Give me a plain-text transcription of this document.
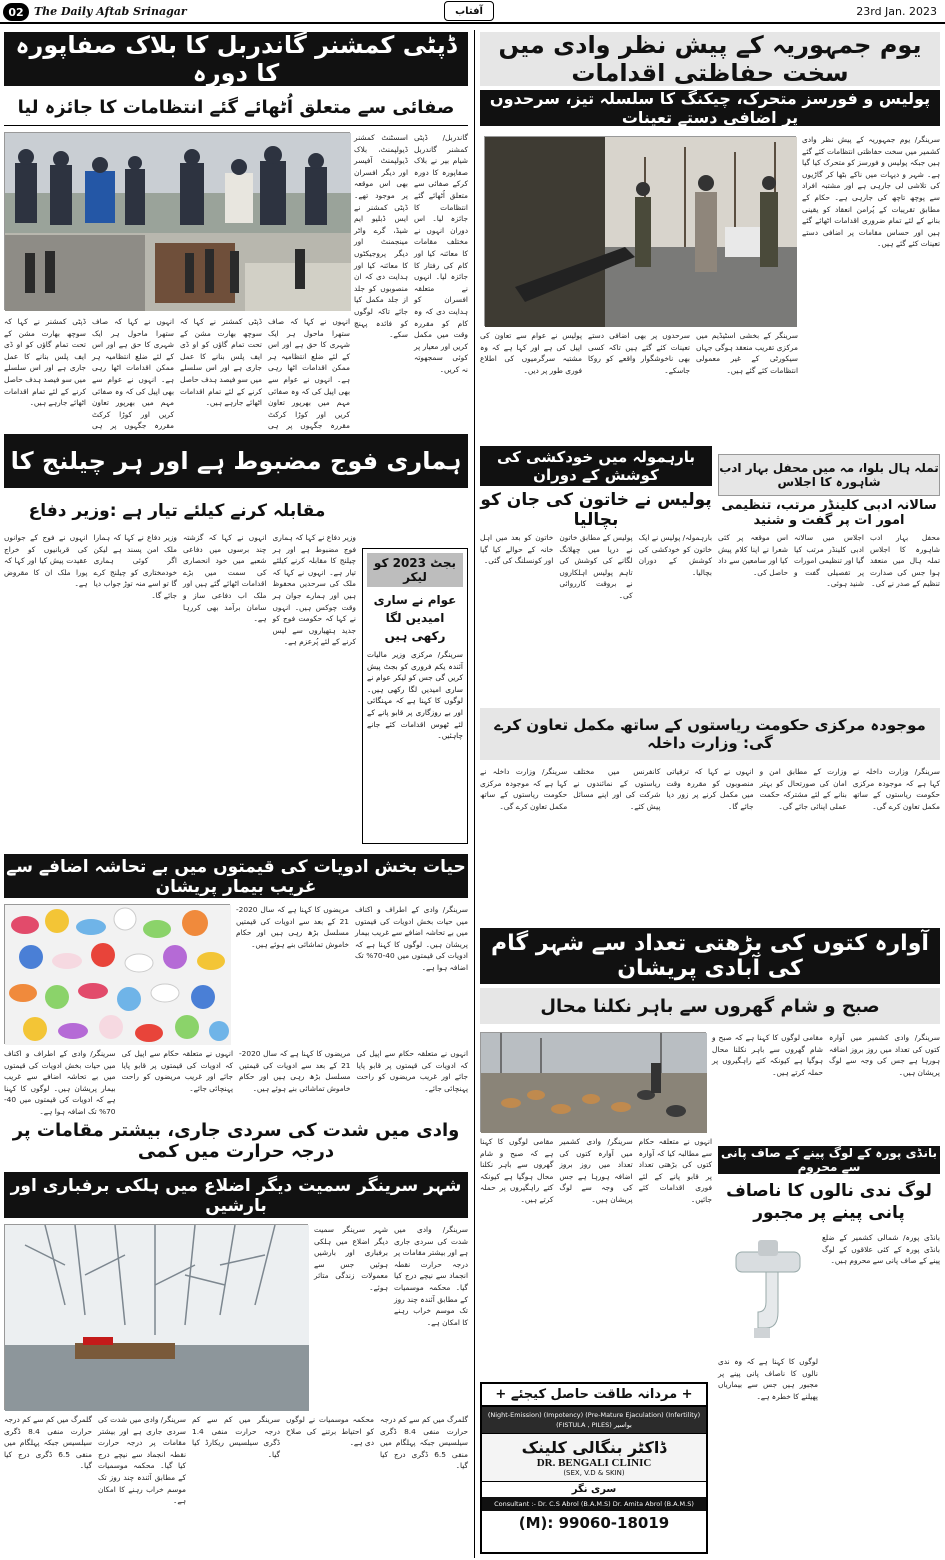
02 The Daily Aftab Srinagar	آفتاب	23rd Jan. 2023
ڈپٹی کمشنر گاندربل کا بلاک صفاپورہ کا دورہ
صفائی سے متعلق اُٹھائے گئے انتظامات کا جائزہ لیا
گاندربل/ ڈپٹی کمشنر گاندربل شیام بیر نے بلاک صفاپورہ کا دورہ کرکے صفائی سے متعلق اُٹھائے گئے انتظامات کا جائزہ لیا۔ اس دوران انہوں نے مختلف مقامات کا معائنہ کیا اور کام کی رفتار کا جائزہ لیا۔ انہوں نے متعلقہ افسران کو ہدایت دی کہ وہ کام کو مقررہ وقت میں مکمل کریں اور معیار پر کوئی سمجھوتہ نہ کریں۔
اسسٹنٹ کمشنر ڈیولپمنٹ، بلاک ڈیولپمنٹ آفیسر اور دیگر افسران بھی اس موقعہ پر موجود تھے۔ ڈپٹی کمشنر نے ایس ڈبلیو ایم شیڈ، گرے واٹر مینجمنٹ اور دیگر پروجیکٹوں کا معائنہ کیا اور ہدایت دی کہ ان منصوبوں کو جلد از جلد مکمل کیا جائے تاکہ لوگوں کو فائدہ پہنچ سکے۔
انہوں نے کہا کہ صاف ستھرا ماحول ہر ایک شہری کا حق ہے اور اس کے لئے ضلع انتظامیہ ہر ممکن اقدامات اٹھا رہی ہے۔ انہوں نے عوام سے بھی اپیل کی کہ وہ صفائی مہم میں بھرپور تعاون کریں اور کوڑا کرکٹ مقررہ جگہوں پر ہی
ڈپٹی کمشنر نے کہا کہ سوچھ بھارت مشن کے تحت تمام گاؤں کو او ڈی ایف پلس بنانے کا عمل جاری ہے اور اس سلسلے میں سو فیصد ہدف حاصل کرنے کے لئے تمام اقدامات اٹھائے جارہے ہیں۔
انہوں نے کہا کہ صاف ستھرا ماحول ہر ایک شہری کا حق ہے اور اس کے لئے ضلع انتظامیہ ہر ممکن اقدامات اٹھا رہی ہے۔ انہوں نے عوام سے بھی اپیل کی کہ وہ صفائی مہم میں بھرپور تعاون کریں اور کوڑا کرکٹ مقررہ جگہوں پر ہی
ڈپٹی کمشنر نے کہا کہ سوچھ بھارت مشن کے تحت تمام گاؤں کو او ڈی ایف پلس بنانے کا عمل جاری ہے اور اس سلسلے میں سو فیصد ہدف حاصل کرنے کے لئے تمام اقدامات اٹھائے جارہے ہیں۔
یوم جمہوریہ کے پیش نظر وادی میں سخت حفاظتی اقدامات
پولیس و فورسز متحرک، چیکنگ کا سلسلہ تیز، سرحدوں پر اضافی دستے تعینات
سرینگر/ یوم جمہوریہ کے پیش نظر وادی کشمیر میں سخت حفاظتی انتظامات کئے گئے ہیں جبکہ پولیس و فورسز کو متحرک کیا گیا ہے۔ شہر و دیہات میں ناکے بٹھا کر گاڑیوں کی تلاشی لی جارہی ہے اور مشتبہ افراد سے پوچھ تاچھ کی جارہی ہے۔ حکام کے مطابق تقریبات کے پُرامن انعقاد کو یقینی بنانے کے لئے تمام ضروری اقدامات اٹھائے گئے ہیں اور حساس مقامات پر اضافی دستے تعینات کئے گئے ہیں۔
سرینگر کے بخشی اسٹیڈیم میں مرکزی تقریب منعقد ہوگی جہاں سیکورٹی کے غیر معمولی انتظامات کئے گئے ہیں۔
سرحدوں پر بھی اضافی دستے تعینات کئے گئے ہیں تاکہ کسی بھی ناخوشگوار واقعے کو روکا جاسکے۔
پولیس نے عوام سے تعاون کی اپیل کی ہے اور کہا ہے کہ وہ مشتبہ سرگرمیوں کی اطلاع فوری طور پر دیں۔
ہماری فوج مضبوط ہے اور ہر چیلنج کا
مقابلہ کرنے کیلئے تیار ہے :وزیر دفاع
وزیر دفاع نے کہا کہ ہماری فوج مضبوط ہے اور ہر چیلنج کا مقابلہ کرنے کیلئے تیار ہے۔ انہوں نے کہا کہ ملک کی سرحدیں محفوظ ہیں اور ہمارے جوان ہر وقت چوکس ہیں۔ انہوں نے کہا کہ حکومت فوج کو جدید ہتھیاروں سے لیس کرنے کے لئے پُرعزم ہے۔
انہوں نے کہا کہ گزشتہ چند برسوں میں دفاعی شعبے میں خود انحصاری کی سمت میں بڑے اقدامات اٹھائے گئے ہیں اور ملک اب دفاعی ساز و سامان برآمد بھی کررہا ہے۔
وزیر دفاع نے کہا کہ ہمارا ملک امن پسند ہے لیکن اگر کوئی ہماری خودمختاری کو چیلنج کرے گا تو اسے منہ توڑ جواب دیا جائے گا۔
انہوں نے فوج کے جوانوں کی قربانیوں کو خراج عقیدت پیش کیا اور کہا کہ پورا ملک ان کا مقروض ہے۔
بجٹ 2023 کو لیکر
عوام نے ساری امیدیں لگا رکھی ہیں
سرینگر/ مرکزی وزیر مالیات آئندہ یکم فروری کو بجٹ پیش کریں گی جس کو لیکر عوام نے ساری امیدیں لگا رکھی ہیں۔ لوگوں کا کہنا ہے کہ مہنگائی اور بے روزگاری پر قابو پانے کے لئے ٹھوس اقدامات کئے جانے چاہئیں۔
تملہ ہال بلوا، مہ میں محفل بہار ادب شاہورہ کا اجلاس
سالانہ ادبی کلینڈر مرتب، تنظیمی امور ات پر گفت و شنید
محفل بہار ادب شاہورہ کا اجلاس تملہ ہال میں منعقد ہوا جس کی صدارت تنظیم کے صدر نے کی۔
اجلاس میں سالانہ ادبی کلینڈر مرتب کیا گیا اور تنظیمی امورات پر تفصیلی گفت و شنید ہوئی۔
اس موقعہ پر کئی شعرا نے اپنا کلام پیش کیا اور سامعین سے داد حاصل کی۔
بارہمولہ میں خودکشی کی کوشش کے دوران
پولیس نے خاتون کی جان کو بچالیا
بارہمولہ/ پولیس نے ایک خاتون کو خودکشی کی کوشش کے دوران بچالیا۔
پولیس کے مطابق خاتون نے دریا میں چھلانگ لگانے کی کوشش کی تاہم پولیس اہلکاروں نے بروقت کارروائی کی۔
خاتون کو بعد میں اہل خانہ کے حوالے کیا گیا اور کونسلنگ کی گئی۔
موجودہ مرکزی حکومت ریاستوں کے ساتھ مکمل تعاون کرے گی: وزارت داخلہ
سرینگر/ وزارت داخلہ نے کہا ہے کہ موجودہ مرکزی حکومت ریاستوں کے ساتھ مکمل تعاون کرے گی۔
وزارت کے مطابق امن و امان کی صورتحال کو بہتر بنانے کے لئے مشترکہ حکمت عملی اپنائی جائے گی۔
انہوں نے کہا کہ ترقیاتی منصوبوں کو مقررہ وقت میں مکمل کرنے پر زور دیا جائے گا۔
کانفرنس میں مختلف ریاستوں کے نمائندوں نے شرکت کی اور اپنے مسائل پیش کئے۔
سرینگر/ وزارت داخلہ نے کہا ہے کہ موجودہ مرکزی حکومت ریاستوں کے ساتھ مکمل تعاون کرے گی۔
حیات بخش ادویات کی قیمتوں میں بے تحاشہ اضافے سے غریب بیمار پریشان
سرینگر/ وادی کے اطراف و اکناف میں حیات بخش ادویات کی قیمتوں میں بے تحاشہ اضافے سے غریب بیمار پریشان ہیں۔ لوگوں کا کہنا ہے کہ ادویات کی قیمتوں میں 40-70% تک اضافہ ہوا ہے۔
مریضوں کا کہنا ہے کہ سال 2020-21 کے بعد سے ادویات کی قیمتیں مسلسل بڑھ رہی ہیں اور حکام خاموش تماشائی بنے ہوئے ہیں۔
انہوں نے متعلقہ حکام سے اپیل کی کہ ادویات کی قیمتوں پر قابو پایا جائے اور غریب مریضوں کو راحت پہنچائی جائے۔
مریضوں کا کہنا ہے کہ سال 2020-21 کے بعد سے ادویات کی قیمتیں مسلسل بڑھ رہی ہیں اور حکام خاموش تماشائی بنے ہوئے ہیں۔
انہوں نے متعلقہ حکام سے اپیل کی کہ ادویات کی قیمتوں پر قابو پایا جائے اور غریب مریضوں کو راحت پہنچائی جائے۔
سرینگر/ وادی کے اطراف و اکناف میں حیات بخش ادویات کی قیمتوں میں بے تحاشہ اضافے سے غریب بیمار پریشان ہیں۔ لوگوں کا کہنا ہے کہ ادویات کی قیمتوں میں 40-70% تک اضافہ ہوا ہے۔
آوارہ کتوں کی بڑھتی تعداد سے شہر گام کی آبادی پریشان
صبح و شام گھروں سے باہر نکلنا محال
سرینگر/ وادی کشمیر میں آوارہ کتوں کی تعداد میں روز بروز اضافہ ہورہا ہے جس کی وجہ سے لوگ پریشان ہیں۔
مقامی لوگوں کا کہنا ہے کہ صبح و شام گھروں سے باہر نکلنا محال ہوگیا ہے کیونکہ کتے راہگیروں پر حملہ کرتے ہیں۔
انہوں نے متعلقہ حکام سے مطالبہ کیا کہ آوارہ کتوں کی بڑھتی تعداد پر قابو پانے کے لئے فوری اقدامات کئے جائیں۔
سرینگر/ وادی کشمیر میں آوارہ کتوں کی تعداد میں روز بروز اضافہ ہورہا ہے جس کی وجہ سے لوگ پریشان ہیں۔
مقامی لوگوں کا کہنا ہے کہ صبح و شام گھروں سے باہر نکلنا محال ہوگیا ہے کیونکہ کتے راہگیروں پر حملہ کرتے ہیں۔
بانڈی پورہ کے لوگ پینے کے صاف پانی سے محروم
لوگ ندی نالوں کا ناصاف پانی پینے پر مجبور
بانڈی پورہ/ شمالی کشمیر کے ضلع بانڈی پورہ کے کئی علاقوں کے لوگ پینے کے صاف پانی سے محروم ہیں۔
لوگوں کا کہنا ہے کہ وہ ندی نالوں کا ناصاف پانی پینے پر مجبور ہیں جس سے بیماریاں پھیلنے کا خطرہ ہے۔
وادی میں شدت کی سردی جاری، بیشتر مقامات پر درجہ حرارت میں کمی
شہر سرینگر سمیت دیگر اضلاع میں ہلکی برفباری اور بارشیں
سرینگر/ وادی میں شدت کی سردی جاری ہے اور بیشتر مقامات پر درجہ حرارت نقطہ انجماد سے نیچے درج کیا گیا۔ محکمہ موسمیات کے مطابق آئندہ چند روز تک موسم خراب رہنے کا امکان ہے۔
شہر سرینگر سمیت دیگر اضلاع میں ہلکی برفباری اور بارشیں ہوئیں جس سے معمولات زندگی متاثر ہوئے۔
گلمرگ میں کم سے کم درجہ حرارت منفی 8.4 ڈگری سیلسیس جبکہ پہلگام میں منفی 6.5 ڈگری درج کیا گیا۔
محکمہ موسمیات نے لوگوں کو احتیاط برتنے کی صلاح دی ہے۔
سرینگر میں کم سے کم درجہ حرارت منفی 1.4 ڈگری سیلسیس ریکارڈ کیا گیا۔
سرینگر/ وادی میں شدت کی سردی جاری ہے اور بیشتر مقامات پر درجہ حرارت نقطہ انجماد سے نیچے درج کیا گیا۔ محکمہ موسمیات کے مطابق آئندہ چند روز تک موسم خراب رہنے کا امکان ہے۔
گلمرگ میں کم سے کم درجہ حرارت منفی 8.4 ڈگری سیلسیس جبکہ پہلگام میں منفی 6.5 ڈگری درج کیا گیا۔
+ مردانہ طاقت حاصل کیجئے +
(Night-Emission) (Impotency) (Pre-Mature Ejaculation) (Infertility)
(FISTULA , PILES) بواسیر
ڈاکٹر بنگالی کلینک
DR. BENGALI CLINIC
(SEX, V.D & SKIN)
سری نگر
Consultant :- Dr. C.S Abrol (B.A.M.S) Dr. Amita Abrol (B.A.M.S)
(M): 99060-18019
